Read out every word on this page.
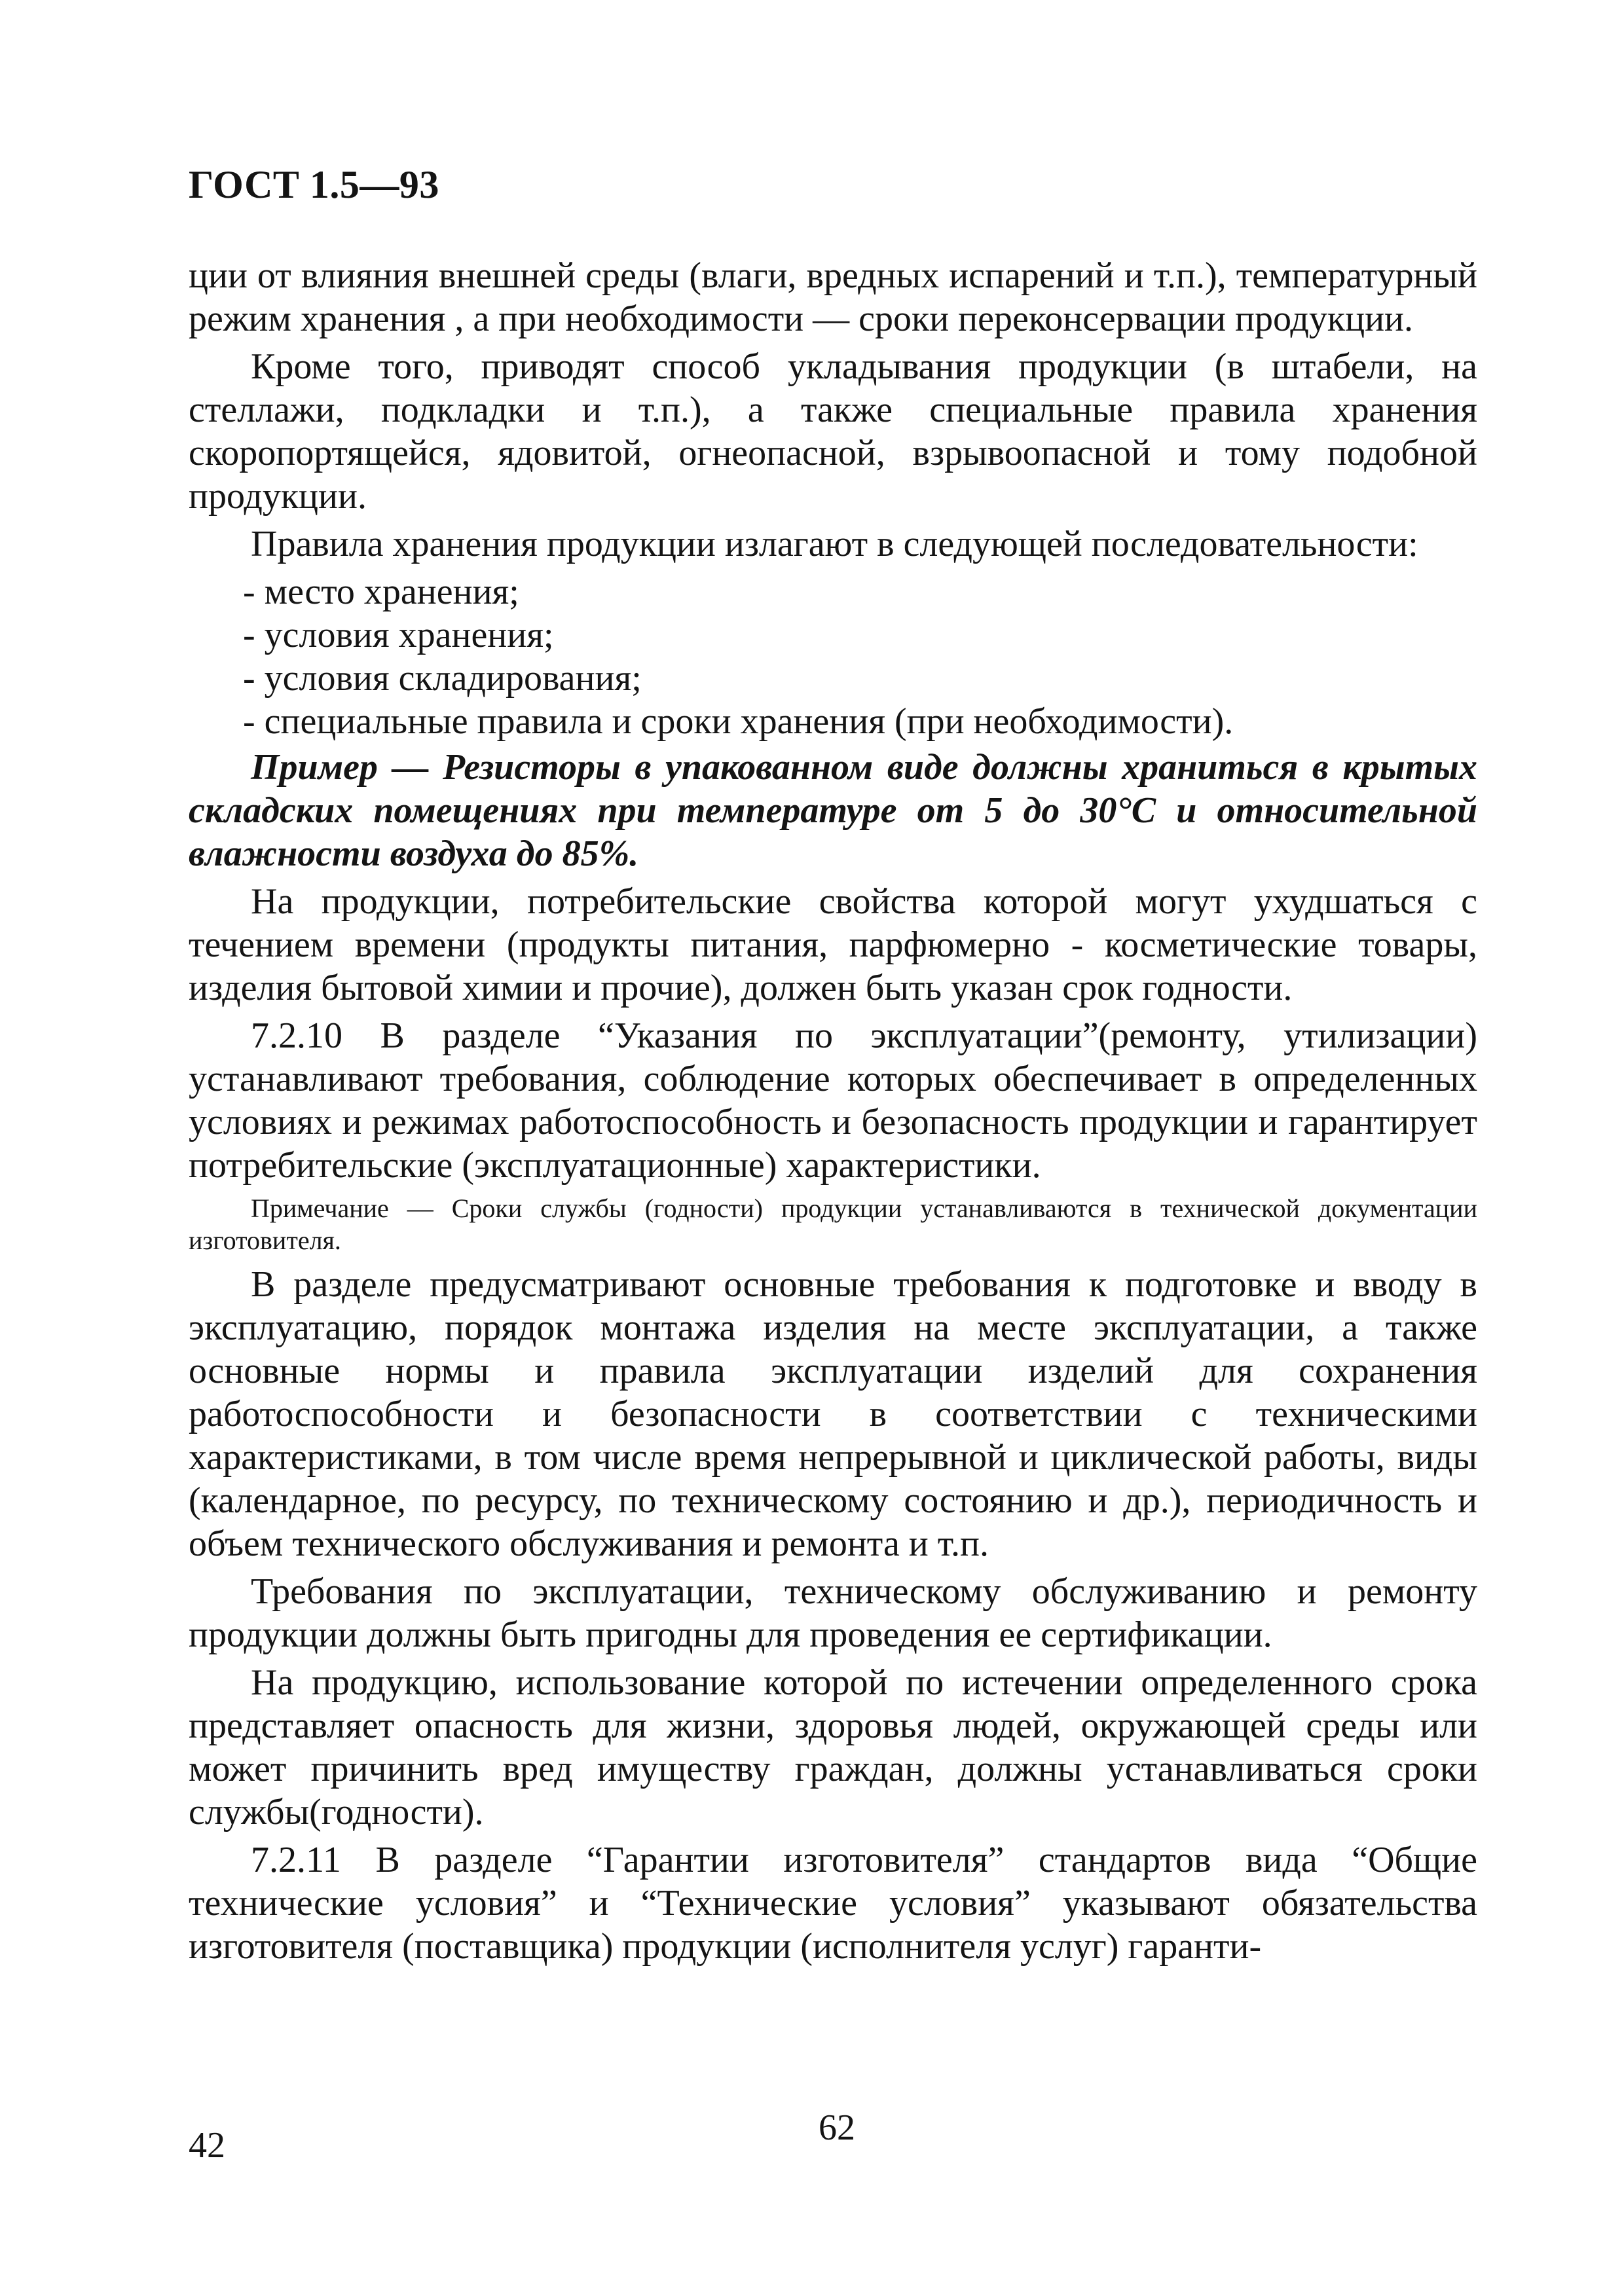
ГОСТ 1.5—93

ции от влияния внешней среды (влаги, вредных испарений и т.п.), температурный режим хранения , а при необходимости — сроки переконсервации продукции.

Кроме того, приводят способ укладывания продукции (в штабели, на стеллажи, подкладки и т.п.), а также специальные правила хранения скоропортящейся, ядовитой, огнеопасной, взрывоопасной и тому подобной продукции.

Правила хранения продукции излагают в следующей последовательности:

- место хранения;

- условия хранения;

- условия складирования;

- специальные правила и сроки хранения (при необходимости).

Пример — Резисторы в упакованном виде должны храниться в крытых складских помещениях при температуре от 5 до 30°С и относительной влажности воздуха до 85%.

На продукции, потребительские свойства которой могут ухудшаться с течением времени (продукты питания, парфюмерно - косметические товары, изделия бытовой химии и прочие), должен быть указан срок годности.

7.2.10 В разделе “Указания по эксплуатации”(ремонту, утилизации) устанавливают требования, соблюдение которых обеспечивает в определенных условиях и режимах работоспособность и безопасность продукции и гарантирует потребительские (эксплуатационные) характеристики.

Примечание — Сроки службы (годности) продукции устанавливаются в технической документации изготовителя.

В разделе предусматривают основные требования к подготовке и вводу в эксплуатацию, порядок монтажа изделия на месте эксплуатации, а также основные нормы и правила эксплуатации изделий для сохранения работоспособности и безопасности в соответствии с техническими характеристиками, в том числе время непрерывной и циклической работы, виды (календарное, по ресурсу, по техническому состоянию и др.), периодичность и объем технического обслуживания и ремонта и т.п.

Требования по эксплуатации, техническому обслуживанию и ремонту продукции должны быть пригодны для проведения ее сертификации.

На продукцию, использование которой по истечении определенного срока представляет опасность для жизни, здоровья людей, окружающей среды или может причинить вред имуществу граждан, должны устанавливаться сроки службы(годности).

7.2.11 В разделе “Гарантии изготовителя” стандартов вида “Общие технические условия” и “Технические условия” указывают обязательства изготовителя (поставщика) продукции (исполнителя услуг) гаранти-

42	62
